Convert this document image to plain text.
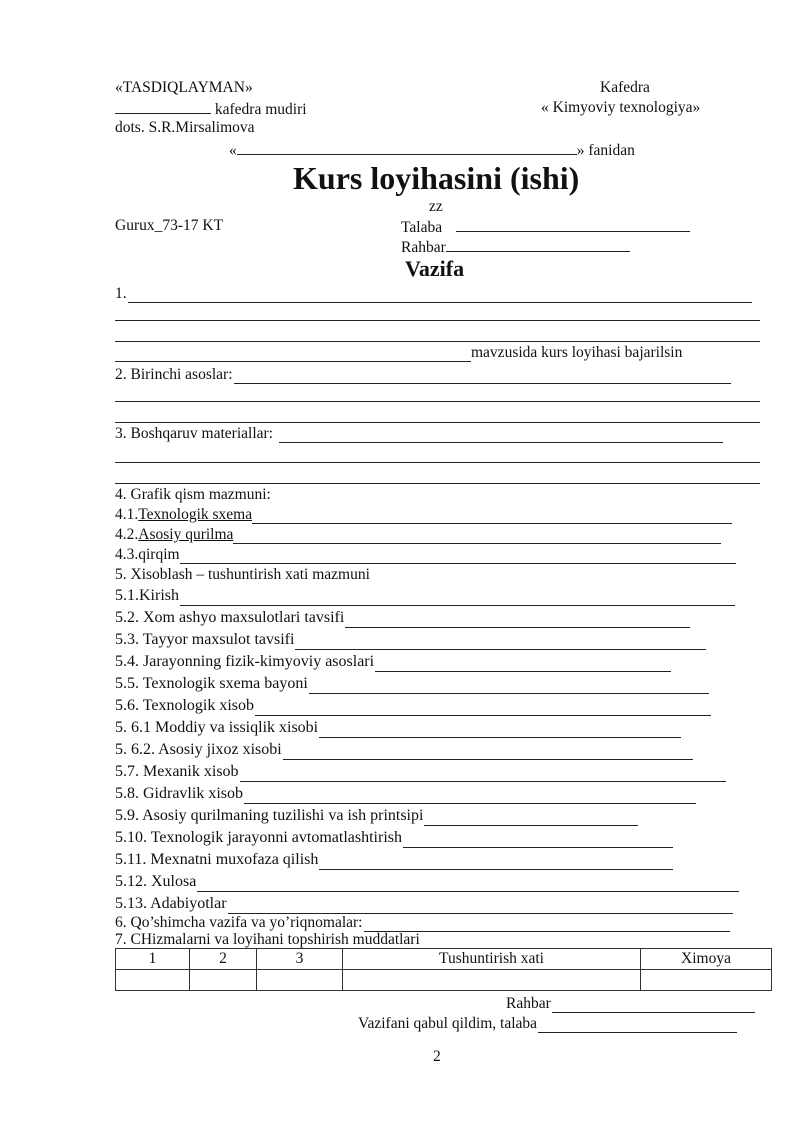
«TASDIQLAYMAN»
kafedra mudiri
dots. S.R.Mirsalimova
Kafedra
« Kimyoviy texnologiya»
«	» fanidan
Kurs loyihasini (ishi)
zz
Gurux_73-17 KT	Talaba
Rahbar
Vazifa
1.
mavzusida kurs loyihasi bajarilsin
2. Birinchi asoslar:
3. Boshqaruv materiallar:
4. Grafik qism mazmuni:
4.1. Texnologik sxema
4.2. Asosiy qurilma
4.3.qirqim
5. Xisoblash – tushuntirish xati mazmuni
5.1.Kirish
5.2. Xom ashyo maxsulotlari tavsifi
5.3. Tayyor maxsulot tavsifi
5.4. Jarayonning fizik-kimyoviy asoslari
5.5. Texnologik sxema bayoni
5.6. Texnologik xisob
5. 6.1 Moddiy va issiqlik xisobi
5. 6.2. Asosiy jixoz xisobi
5.7. Mexanik xisob
5.8. Gidravlik xisob
5.9. Asosiy qurilmaning tuzilishi va ish printsipi
5.10. Texnologik jarayonni avtomatlashtirish
5.11. Mexnatni muxofaza qilish
5.12. Xulosa
5.13. Adabiyotlar
6. Qo’shimcha vazifa va yo’riqnomalar:
7. CHizmalarni va loyihani topshirish muddatlari
1	2	3	Tushuntirish xati	Ximoya

Rahbar
Vazifani qabul qildim, talaba
2
